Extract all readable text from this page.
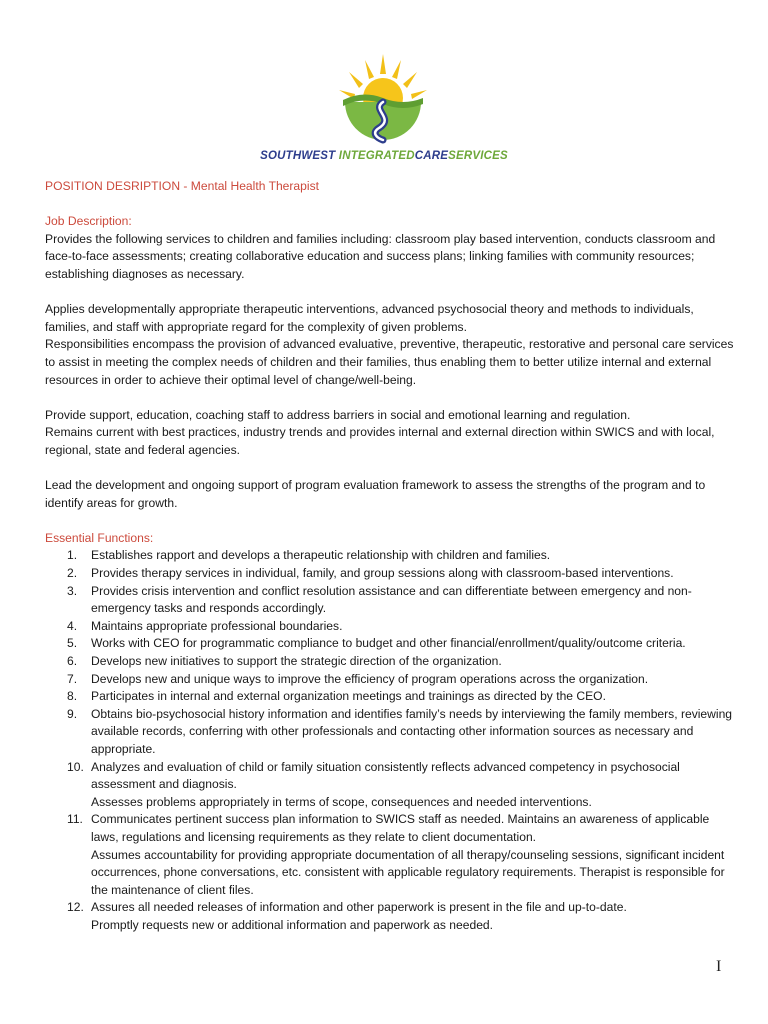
SOUTHWEST INTEGRATEDCARESERVICES

POSITION DESRIPTION - Mental Health Therapist

Job Description:

Provides the following services to children and families including: classroom play based intervention, conducts classroom and face-to-face assessments; creating collaborative education and success plans; linking families with community resources; establishing diagnoses as necessary.

Applies developmentally appropriate therapeutic interventions, advanced psychosocial theory and methods to individuals, families, and staff with appropriate regard for the complexity of given problems.

Responsibilities encompass the provision of advanced evaluative, preventive, therapeutic, restorative and personal care services to assist in meeting the complex needs of children and their families, thus enabling them to better utilize internal and external resources in order to achieve their optimal level of change/well-being.

Provide support, education, coaching staff to address barriers in social and emotional learning and regulation.

Remains current with best practices, industry trends and provides internal and external direction within SWICS and with local, regional, state and federal agencies.

Lead the development and ongoing support of program evaluation framework to assess the strengths of the program and to identify areas for growth.

Essential Functions:

1.	Establishes rapport and develops a therapeutic relationship with children and families.
2.	Provides therapy services in individual, family, and group sessions along with classroom-based interventions.
3.	Provides crisis intervention and conflict resolution assistance and can differentiate between emergency and non-emergency tasks and responds accordingly.
4.	Maintains appropriate professional boundaries.
5.	Works with CEO for programmatic compliance to budget and other financial/enrollment/quality/outcome criteria.
6.	Develops new initiatives to support the strategic direction of the organization.
7.	Develops new and unique ways to improve the efficiency of program operations across the organization.
8.	Participates in internal and external organization meetings and trainings as directed by the CEO.
9.	Obtains bio-psychosocial history information and identifies family’s needs by interviewing the family members, reviewing available records, conferring with other professionals and contacting other information sources as necessary and appropriate.
10. Analyzes and evaluation of child or family situation consistently reflects advanced competency in psychosocial assessment and diagnosis.
Assesses problems appropriately in terms of scope, consequences and needed interventions.
11. Communicates pertinent success plan information to SWICS staff as needed. Maintains an awareness of applicable laws, regulations and licensing requirements as they relate to client documentation.
Assumes accountability for providing appropriate documentation of all therapy/counseling sessions, significant incident occurrences, phone conversations, etc. consistent with applicable regulatory requirements. Therapist is responsible for the maintenance of client files.
12. Assures all needed releases of information and other paperwork is present in the file and up-to-date.
Promptly requests new or additional information and paperwork as needed.
I
